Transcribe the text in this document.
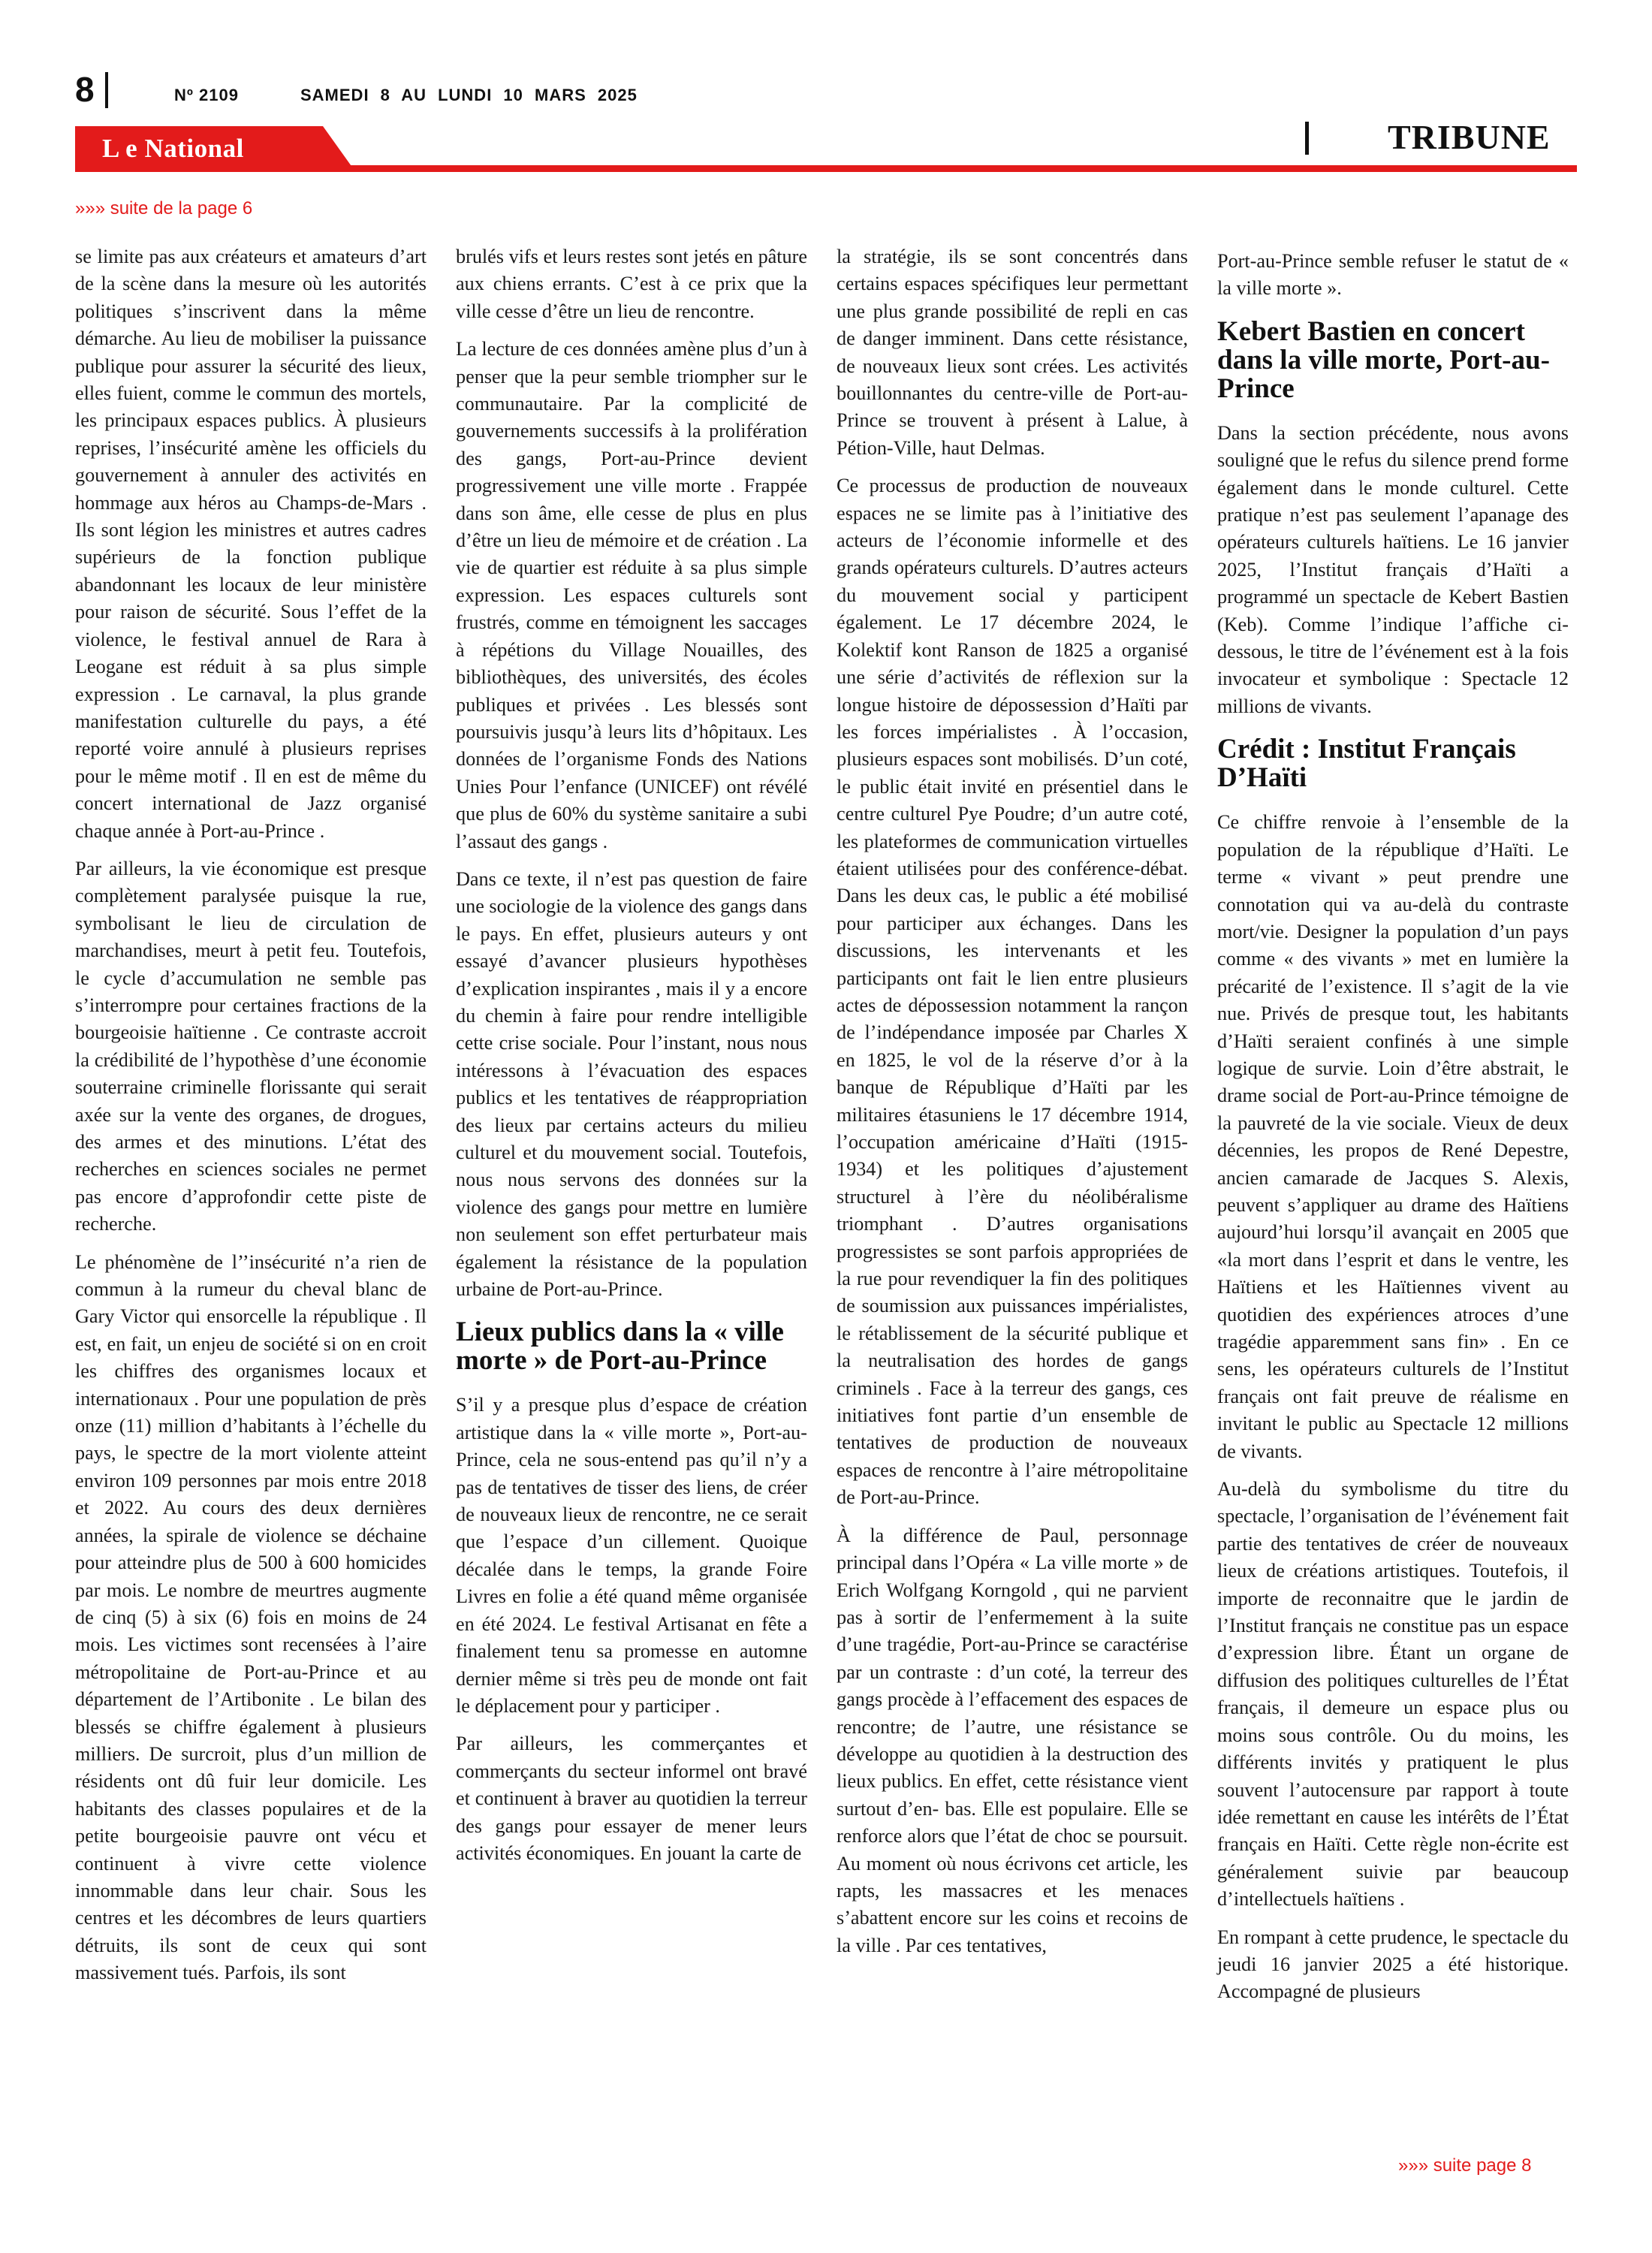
8	Nº 2109	SAMEDI 8 AU LUNDI 10 MARS 2025
L e National	TRIBUNE
»»» suite de la page 6

se limite pas aux créateurs et amateurs d’art de la scène dans la mesure où les autorités politiques s’inscrivent dans la même démarche. Au lieu de mobiliser la puissance publique pour assurer la sécurité des lieux, elles fuient, comme le commun des mortels, les principaux espaces publics. À plusieurs reprises, l’insécurité amène les officiels du gouvernement à annuler des activités en hommage aux héros au Champs-de-Mars . Ils sont légion les ministres et autres cadres supérieurs de la fonction publique abandonnant les locaux de leur ministère pour raison de sécurité. Sous l’effet de la violence, le festival annuel de Rara à Leogane est réduit à sa plus simple expression . Le carnaval, la plus grande manifestation culturelle du pays, a été reporté voire annulé à plusieurs reprises pour le même motif . Il en est de même du concert international de Jazz organisé chaque année à Port-au-Prince .

Par ailleurs, la vie économique est presque complètement paralysée puisque la rue, symbolisant le lieu de circulation de marchandises, meurt à petit feu. Toutefois, le cycle d’accumulation ne semble pas s’interrompre pour certaines fractions de la bourgeoisie haïtienne . Ce contraste accroit la crédibilité de l’hypothèse d’une économie souterraine criminelle florissante qui serait axée sur la vente des organes, de drogues, des armes et des minutions. L’état des recherches en sciences sociales ne permet pas encore d’approfondir cette piste de recherche.

Le phénomène de l’’insécurité n’a rien de commun à la rumeur du cheval blanc de Gary Victor qui ensorcelle la république . Il est, en fait, un enjeu de société si on en croit les chiffres des organismes locaux et internationaux . Pour une population de près onze (11) million d’habitants à l’échelle du pays, le spectre de la mort violente atteint environ 109 personnes par mois entre 2018 et 2022. Au cours des deux dernières années, la spirale de violence se déchaine pour atteindre plus de 500 à 600 homicides par mois. Le nombre de meurtres augmente de cinq (5) à six (6) fois en moins de 24 mois. Les victimes sont recensées à l’aire métropolitaine de Port-au-Prince et au département de l’Artibonite . Le bilan des blessés se chiffre également à plusieurs milliers. De surcroit, plus d’un million de résidents ont dû fuir leur domicile. Les habitants des classes populaires et de la petite bourgeoisie pauvre ont vécu et continuent à vivre cette violence innommable dans leur chair. Sous les centres et les décombres de leurs quartiers détruits, ils sont de ceux qui sont massivement tués. Parfois, ils sont

brulés vifs et leurs restes sont jetés en pâture aux chiens errants. C’est à ce prix que la ville cesse d’être un lieu de rencontre.

La lecture de ces données amène plus d’un à penser que la peur semble triompher sur le communautaire. Par la complicité de gouvernements successifs à la prolifération des gangs, Port-au-Prince devient progressivement une ville morte . Frappée dans son âme, elle cesse de plus en plus d’être un lieu de mémoire et de création . La vie de quartier est réduite à sa plus simple expression. Les espaces culturels sont frustrés, comme en témoignent les saccages à répétions du Village Nouailles, des bibliothèques, des universités, des écoles publiques et privées . Les blessés sont poursuivis jusqu’à leurs lits d’hôpitaux. Les données de l’organisme Fonds des Nations Unies Pour l’enfance (UNICEF) ont révélé que plus de 60% du système sanitaire a subi l’assaut des gangs .

Dans ce texte, il n’est pas question de faire une sociologie de la violence des gangs dans le pays. En effet, plusieurs auteurs y ont essayé d’avancer plusieurs hypothèses d’explication inspirantes , mais il y a encore du chemin à faire pour rendre intelligible cette crise sociale. Pour l’instant, nous nous intéressons à l’évacuation des espaces publics et les tentatives de réappropriation des lieux par certains acteurs du milieu culturel et du mouvement social. Toutefois, nous nous servons des données sur la violence des gangs pour mettre en lumière non seulement son effet perturbateur mais également la résistance de la population urbaine de Port-au-Prince.

Lieux publics dans la « ville morte » de Port-au-Prince

S’il y a presque plus d’espace de création artistique dans la « ville morte », Port-au-Prince, cela ne sous-entend pas qu’il n’y a pas de tentatives de tisser des liens, de créer de nouveaux lieux de rencontre, ne ce serait que l’espace d’un cillement. Quoique décalée dans le temps, la grande Foire Livres en folie a été quand même organisée en été 2024. Le festival Artisanat en fête a finalement tenu sa promesse en automne dernier même si très peu de monde ont fait le déplacement pour y participer .

Par ailleurs, les commerçantes et commerçants du secteur informel ont bravé et continuent à braver au quotidien la terreur des gangs pour essayer de mener leurs activités économiques. En jouant la carte de

la stratégie, ils se sont concentrés dans certains espaces spécifiques leur permettant une plus grande possibilité de repli en cas de danger imminent. Dans cette résistance, de nouveaux lieux sont crées. Les activités bouillonnantes du centre-ville de Port-au-Prince se trouvent à présent à Lalue, à Pétion-Ville, haut Delmas.

Ce processus de production de nouveaux espaces ne se limite pas à l’initiative des acteurs de l’économie informelle et des grands opérateurs culturels. D’autres acteurs du mouvement social y participent également. Le 17 décembre 2024, le Kolektif kont Ranson de 1825 a organisé une série d’activités de réflexion sur la longue histoire de dépossession d’Haïti par les forces impérialistes . À l’occasion, plusieurs espaces sont mobilisés. D’un coté, le public était invité en présentiel dans le centre culturel Pye Poudre; d’un autre coté, les plateformes de communication virtuelles étaient utilisées pour des conférence-débat. Dans les deux cas, le public a été mobilisé pour participer aux échanges. Dans les discussions, les intervenants et les participants ont fait le lien entre plusieurs actes de dépossession notamment la rançon de l’indépendance imposée par Charles X en 1825, le vol de la réserve d’or à la banque de République d’Haïti par les militaires étasuniens le 17 décembre 1914, l’occupation américaine d’Haïti (1915-1934) et les politiques d’ajustement structurel à l’ère du néolibéralisme triomphant . D’autres organisations progressistes se sont parfois appropriées de la rue pour revendiquer la fin des politiques de soumission aux puissances impérialistes, le rétablissement de la sécurité publique et la neutralisation des hordes de gangs criminels . Face à la terreur des gangs, ces initiatives font partie d’un ensemble de tentatives de production de nouveaux espaces de rencontre à l’aire métropolitaine de Port-au-Prince.

À la différence de Paul, personnage principal dans l’Opéra « La ville morte » de Erich Wolfgang Korngold , qui ne parvient pas à sortir de l’enfermement à la suite d’une tragédie, Port-au-Prince se caractérise par un contraste : d’un coté, la terreur des gangs procède à l’effacement des espaces de rencontre; de l’autre, une résistance se développe au quotidien à la destruction des lieux publics. En effet, cette résistance vient surtout d’en- bas. Elle est populaire. Elle se renforce alors que l’état de choc se poursuit. Au moment où nous écrivons cet article, les rapts, les massacres et les menaces s’abattent encore sur les coins et recoins de la ville . Par ces tentatives,

Port-au-Prince semble refuser le statut de « la ville morte ».

Kebert Bastien en concert dans la ville morte, Port-au-Prince

Dans la section précédente, nous avons souligné que le refus du silence prend forme également dans le monde culturel. Cette pratique n’est pas seulement l’apanage des opérateurs culturels haïtiens. Le 16 janvier 2025, l’Institut français d’Haïti a programmé un spectacle de Kebert Bastien (Keb). Comme l’indique l’affiche ci-dessous, le titre de l’événement est à la fois invocateur et symbolique : Spectacle 12 millions de vivants.

Crédit : Institut Français D’Haïti

Ce chiffre renvoie à l’ensemble de la population de la république d’Haïti. Le terme « vivant » peut prendre une connotation qui va au-delà du contraste mort/vie. Designer la population d’un pays comme « des vivants » met en lumière la précarité de l’existence. Il s’agit de la vie nue. Privés de presque tout, les habitants d’Haïti seraient confinés à une simple logique de survie. Loin d’être abstrait, le drame social de Port-au-Prince témoigne de la pauvreté de la vie sociale. Vieux de deux décennies, les propos de René Depestre, ancien camarade de Jacques S. Alexis, peuvent s’appliquer au drame des Haïtiens aujourd’hui lorsqu’il avançait en 2005 que «la mort dans l’esprit et dans le ventre, les Haïtiens et les Haïtiennes vivent au quotidien des expériences atroces d’une tragédie apparemment sans fin» . En ce sens, les opérateurs culturels de l’Institut français ont fait preuve de réalisme en invitant le public au Spectacle 12 millions de vivants.

Au-delà du symbolisme du titre du spectacle, l’organisation de l’événement fait partie des tentatives de créer de nouveaux lieux de créations artistiques. Toutefois, il importe de reconnaitre que le jardin de l’Institut français ne constitue pas un espace d’expression libre. Étant un organe de diffusion des politiques culturelles de l’État français, il demeure un espace plus ou moins sous contrôle. Ou du moins, les différents invités y pratiquent le plus souvent l’autocensure par rapport à toute idée remettant en cause les intérêts de l’État français en Haïti. Cette règle non-écrite est généralement suivie par beaucoup d’intellectuels haïtiens .

En rompant à cette prudence, le spectacle du jeudi 16 janvier 2025 a été historique. Accompagné de plusieurs

»»» suite page 8
